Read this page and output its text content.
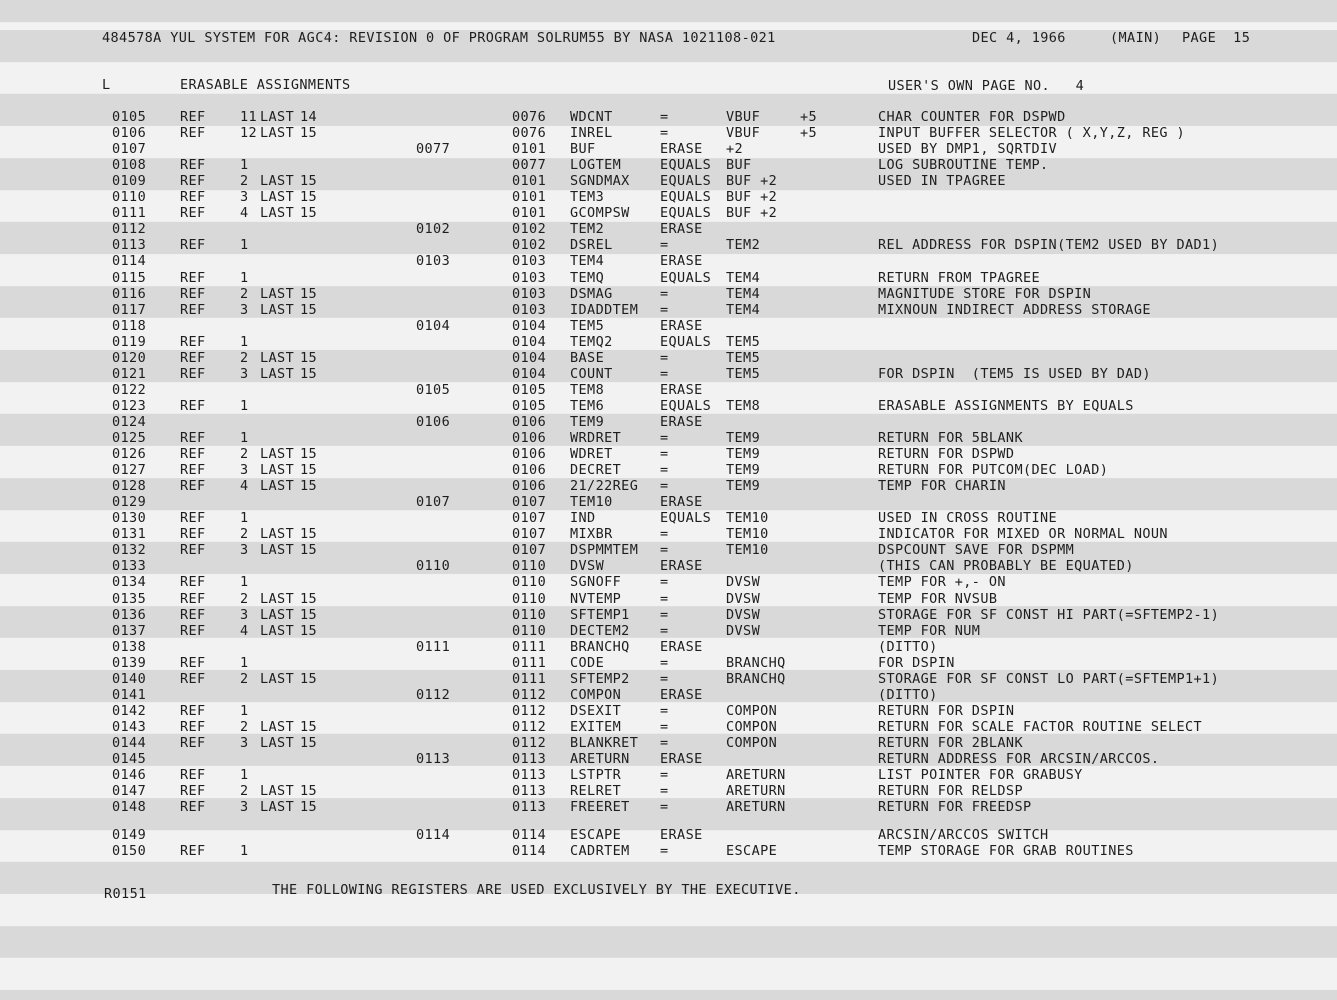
484578A YUL SYSTEM FOR AGC4: REVISION 0 OF PROGRAM SOLRUM55 BY NASA 1021108-021	DEC 4, 1966	(MAIN) PAGE  15
L	ERASABLE ASSIGNMENTS	USER'S OWN PAGE NO.   4
0105	REF	11 LAST 14	0076 WDCNT	=	VBUF	+5	CHAR COUNTER FOR DSPWD
0106	REF	12 LAST 15	0076 INREL	=	VBUF	+5	INPUT BUFFER SELECTOR ( X,Y,Z, REG )
0107	0077	0101 BUF	ERASE +2	USED BY DMP1, SQRTDIV
0108	REF	1	0077 LOGTEM	EQUALS BUF	LOG SUBROUTINE TEMP.
0109	REF	2 LAST 15	0101 SGNDMAX EQUALS BUF +2	USED IN TPAGREE
0110	REF	3 LAST 15	0101 TEM3	EQUALS BUF +2
0111	REF	4 LAST 15	0101 GCOMPSW EQUALS BUF +2
0112	0102	0102 TEM2	ERASE
0113	REF	1	0102 DSREL	=	TEM2	REL ADDRESS FOR DSPIN(TEM2 USED BY DAD1)
0114	0103	0103 TEM4	ERASE
0115	REF	1	0103 TEMQ	EQUALS TEM4	RETURN FROM TPAGREE
0116	REF	2 LAST 15	0103 DSMAG	=	TEM4	MAGNITUDE STORE FOR DSPIN
0117	REF	3 LAST 15	0103 IDADDTEM =	TEM4	MIXNOUN INDIRECT ADDRESS STORAGE
0118	0104	0104 TEM5	ERASE
0119	REF	1	0104 TEMQ2	EQUALS TEM5
0120	REF	2 LAST 15	0104 BASE	=	TEM5
0121	REF	3 LAST 15	0104 COUNT	=	TEM5	FOR DSPIN  (TEM5 IS USED BY DAD)
0122	0105	0105 TEM8	ERASE
0123	REF	1	0105 TEM6	EQUALS TEM8	ERASABLE ASSIGNMENTS BY EQUALS
0124	0106	0106 TEM9	ERASE
0125	REF	1	0106 WRDRET	=	TEM9	RETURN FOR 5BLANK
0126	REF	2 LAST 15	0106 WDRET	=	TEM9	RETURN FOR DSPWD
0127	REF	3 LAST 15	0106 DECRET	=	TEM9	RETURN FOR PUTCOM(DEC LOAD)
0128	REF	4 LAST 15	0106 21/22REG =	TEM9	TEMP FOR CHARIN
0129	0107	0107 TEM10	ERASE
0130	REF	1	0107 IND	EQUALS TEM10	USED IN CROSS ROUTINE
0131	REF	2 LAST 15	0107 MIXBR	=	TEM10	INDICATOR FOR MIXED OR NORMAL NOUN
0132	REF	3 LAST 15	0107 DSPMMTEM =	TEM10	DSPCOUNT SAVE FOR DSPMM
0133	0110	0110 DVSW	ERASE	(THIS CAN PROBABLY BE EQUATED)
0134	REF	1	0110 SGNOFF	=	DVSW	TEMP FOR +,- ON
0135	REF	2 LAST 15	0110 NVTEMP	=	DVSW	TEMP FOR NVSUB
0136	REF	3 LAST 15	0110 SFTEMP1 =	DVSW	STORAGE FOR SF CONST HI PART(=SFTEMP2-1)
0137	REF	4 LAST 15	0110 DECTEM2 =	DVSW	TEMP FOR NUM
0138	0111	0111 BRANCHQ ERASE	(DITTO)
0139	REF	1	0111 CODE	=	BRANCHQ	FOR DSPIN
0140	REF	2 LAST 15	0111 SFTEMP2 =	BRANCHQ	STORAGE FOR SF CONST LO PART(=SFTEMP1+1)
0141	0112	0112 COMPON	ERASE	(DITTO)
0142	REF	1	0112 DSEXIT	=	COMPON	RETURN FOR DSPIN
0143	REF	2 LAST 15	0112 EXITEM	=	COMPON	RETURN FOR SCALE FACTOR ROUTINE SELECT
0144	REF	3 LAST 15	0112 BLANKRET =	COMPON	RETURN FOR 2BLANK
0145	0113	0113 ARETURN ERASE	RETURN ADDRESS FOR ARCSIN/ARCCOS.
0146	REF	1	0113 LSTPTR	=	ARETURN	LIST POINTER FOR GRABUSY
0147	REF	2 LAST 15	0113 RELRET	=	ARETURN	RETURN FOR RELDSP
0148	REF	3 LAST 15	0113 FREERET =	ARETURN	RETURN FOR FREEDSP
0149	0114	0114 ESCAPE	ERASE	ARCSIN/ARCCOS SWITCH
0150	REF	1	0114 CADRTEM =	ESCAPE	TEMP STORAGE FOR GRAB ROUTINES
R0151	THE FOLLOWING REGISTERS ARE USED EXCLUSIVELY BY THE EXECUTIVE.
